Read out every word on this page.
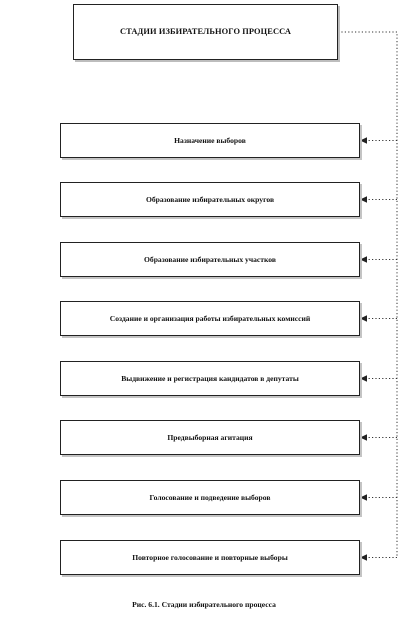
СТАДИИ ИЗБИРАТЕЛЬНОГО ПРОЦЕССА
Назначение выборов
Образование избирательных округов
Образование избирательных участков
Создание и организация работы избирательных комиссий
Выдвижение и регистрация кандидатов в депутаты
Предвыборная агитация
Голосование и подведение выборов
Повторное голосование и повторные выборы
Рис. 6.1. Стадии избирательного процесса
